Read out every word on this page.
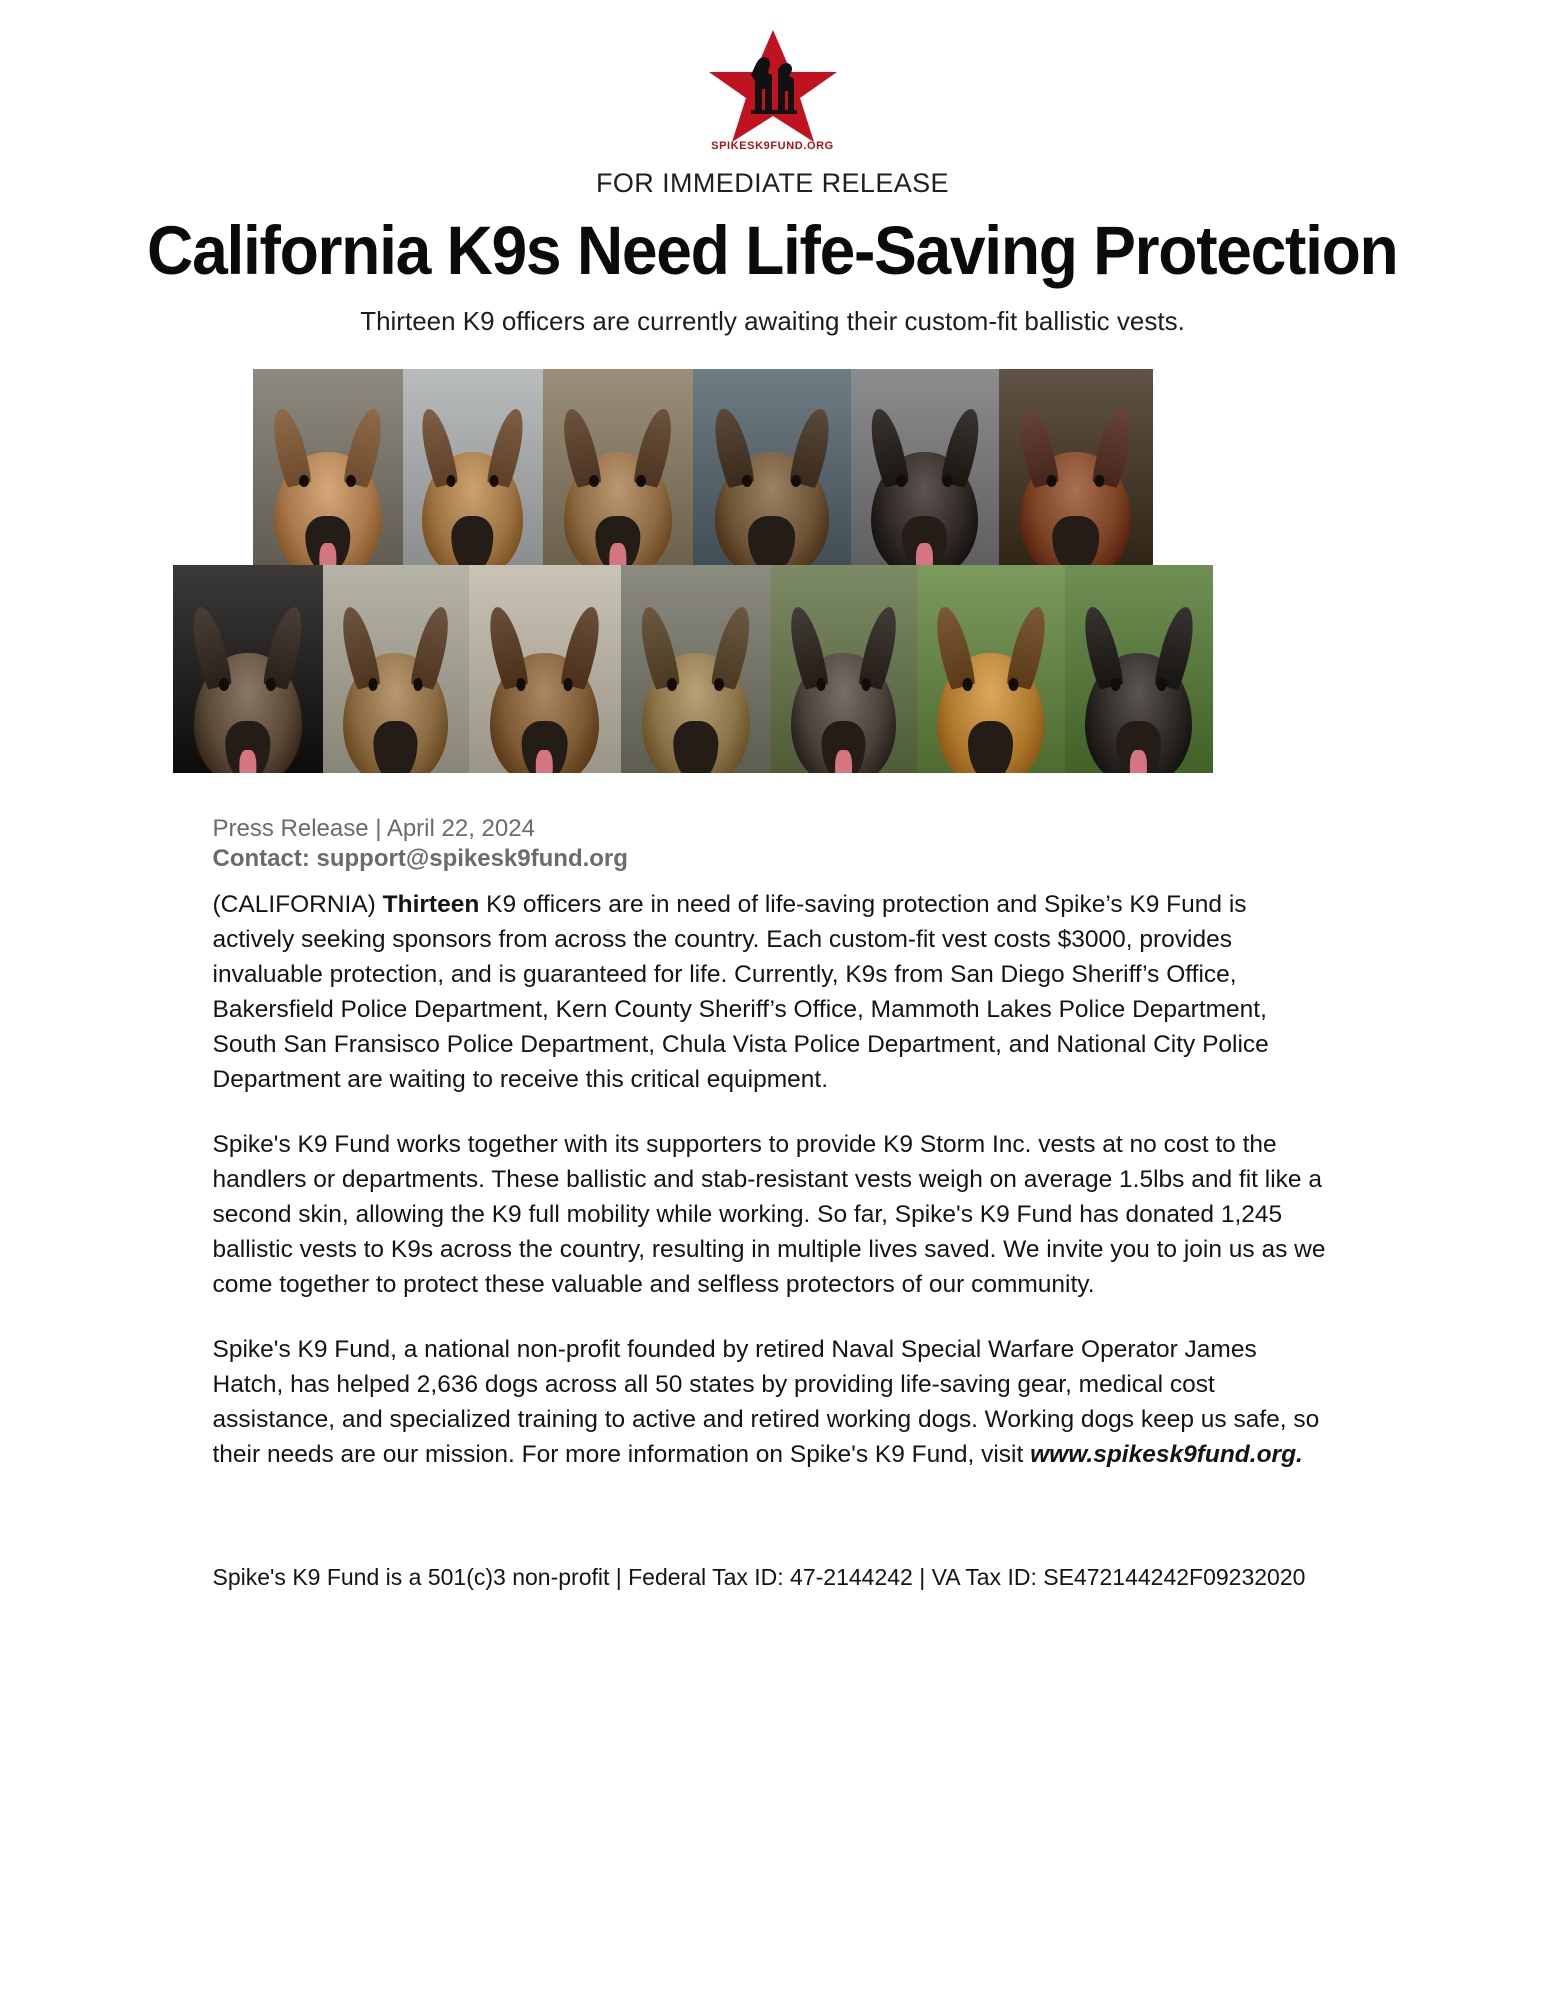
SPIKESK9FUND.ORG
FOR IMMEDIATE RELEASE
California K9s Need Life-Saving Protection
Thirteen K9 officers are currently awaiting their custom-fit ballistic vests.
Press Release | April 22, 2024
Contact: support@spikesk9fund.org

(CALIFORNIA) Thirteen K9 officers are in need of life-saving protection and Spike’s K9 Fund is actively seeking sponsors from across the country. Each custom-fit vest costs $3000, provides invaluable protection, and is guaranteed for life. Currently, K9s from San Diego Sheriff’s Office, Bakersfield Police Department, Kern County Sheriff’s Office, Mammoth Lakes Police Department, South San Fransisco Police Department, Chula Vista Police Department, and National City Police Department are waiting to receive this critical equipment.

Spike's K9 Fund works together with its supporters to provide K9 Storm Inc. vests at no cost to the handlers or departments. These ballistic and stab-resistant vests weigh on average 1.5lbs and fit like a second skin, allowing the K9 full mobility while working. So far, Spike's K9 Fund has donated 1,245 ballistic vests to K9s across the country, resulting in multiple lives saved. We invite you to join us as we come together to protect these valuable and selfless protectors of our community.

Spike's K9 Fund, a national non-profit founded by retired Naval Special Warfare Operator James Hatch, has helped 2,636 dogs across all 50 states by providing life-saving gear, medical cost assistance, and specialized training to active and retired working dogs. Working dogs keep us safe, so their needs are our mission. For more information on Spike's K9 Fund, visit www.spikesk9fund.org.

Spike's K9 Fund is a 501(c)3 non-profit | Federal Tax ID: 47-2144242 | VA Tax ID: SE472144242F09232020
